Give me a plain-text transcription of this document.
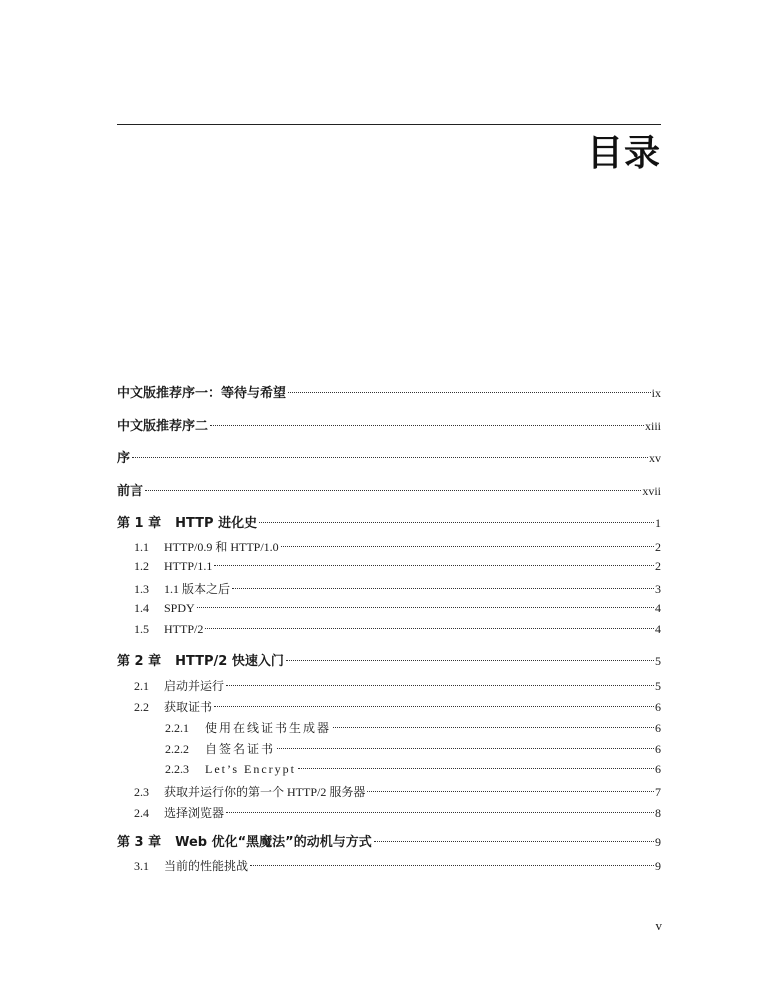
目录
中文版推荐序一：等待与希望	ix
中文版推荐序二	xiii
序	xv
前言	xvii
第 1 章 HTTP 进化史	1
1.1	HTTP/0.9 和 HTTP/1.0	2
1.2	HTTP/1.1	2
1.3	1.1 版本之后	3
1.4	SPDY	4
1.5	HTTP/2	4
第 2 章 HTTP/2 快速入门	5
2.1	启动并运行	5
2.2	获取证书	6
2.2.1	使用在线证书生成器	6
2.2.2	自签名证书	6
2.2.3	Let’s Encrypt	6
2.3	获取并运行你的第一个 HTTP/2 服务器	7
2.4	选择浏览器	8
第 3 章 Web 优化“黑魔法”的动机与方式	9
3.1	当前的性能挑战	9
v
